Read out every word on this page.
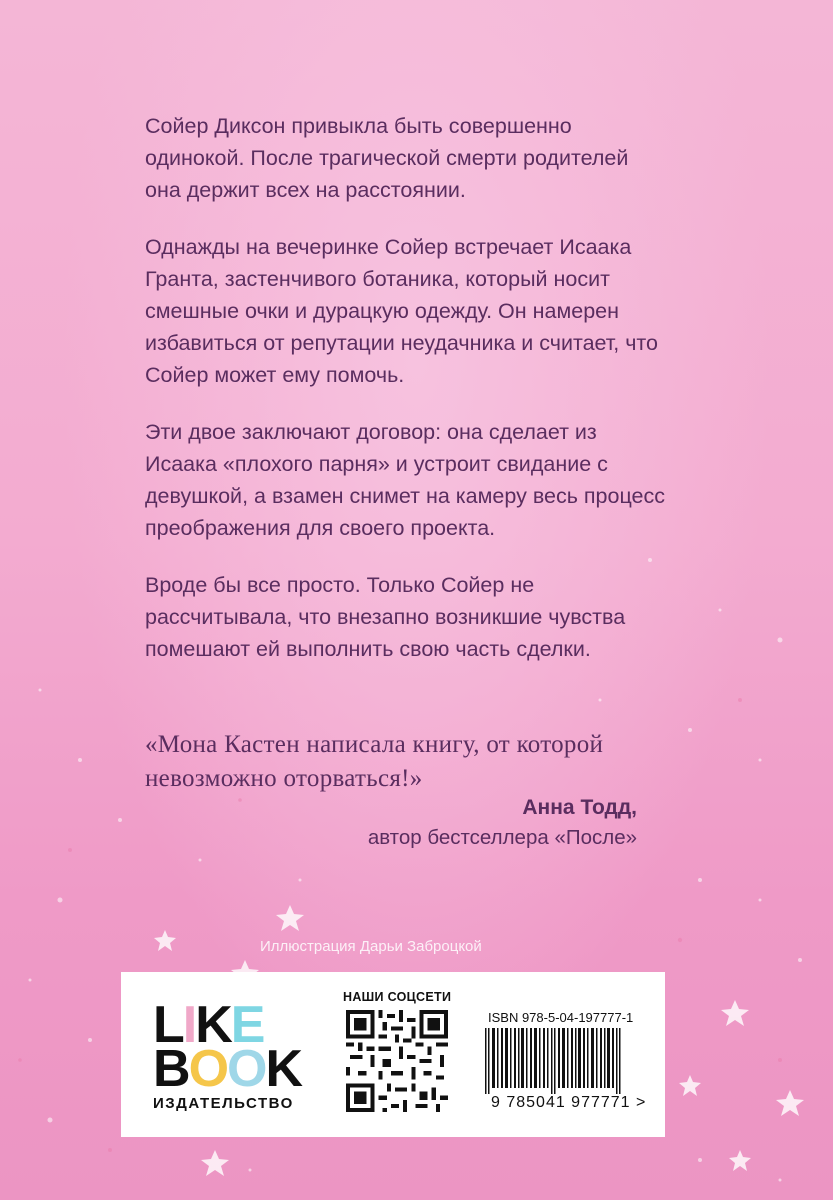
Сойер Диксон привыкла быть совершенно одинокой. После трагической смерти родителей она держит всех на расстоянии.

Однажды на вечеринке Сойер встречает Исаака Гранта, застенчивого ботаника, который носит смешные очки и дурацкую одежду. Он намерен избавиться от репутации неудачника и считает, что Сойер может ему помочь.

Эти двое заключают договор: она сделает из Исаака «плохого парня» и устроит свидание с девушкой, а взамен снимет на камеру весь процесс преображения для своего проекта.

Вроде бы все просто. Только Сойер не рассчитывала, что внезапно возникшие чувства помешают ей выполнить свою часть сделки.

«Мона Кастен написала книгу, от которой невозможно оторваться!»
Анна Тодд,
автор бестселлера «После»
Иллюстрация Дарьи Заброцкой
L I K E
B O O K
ИЗДАТЕЛЬСТВО
НАШИ СОЦСЕТИ
ISBN 978-5-04-197777-1
9 785041 977771 >
